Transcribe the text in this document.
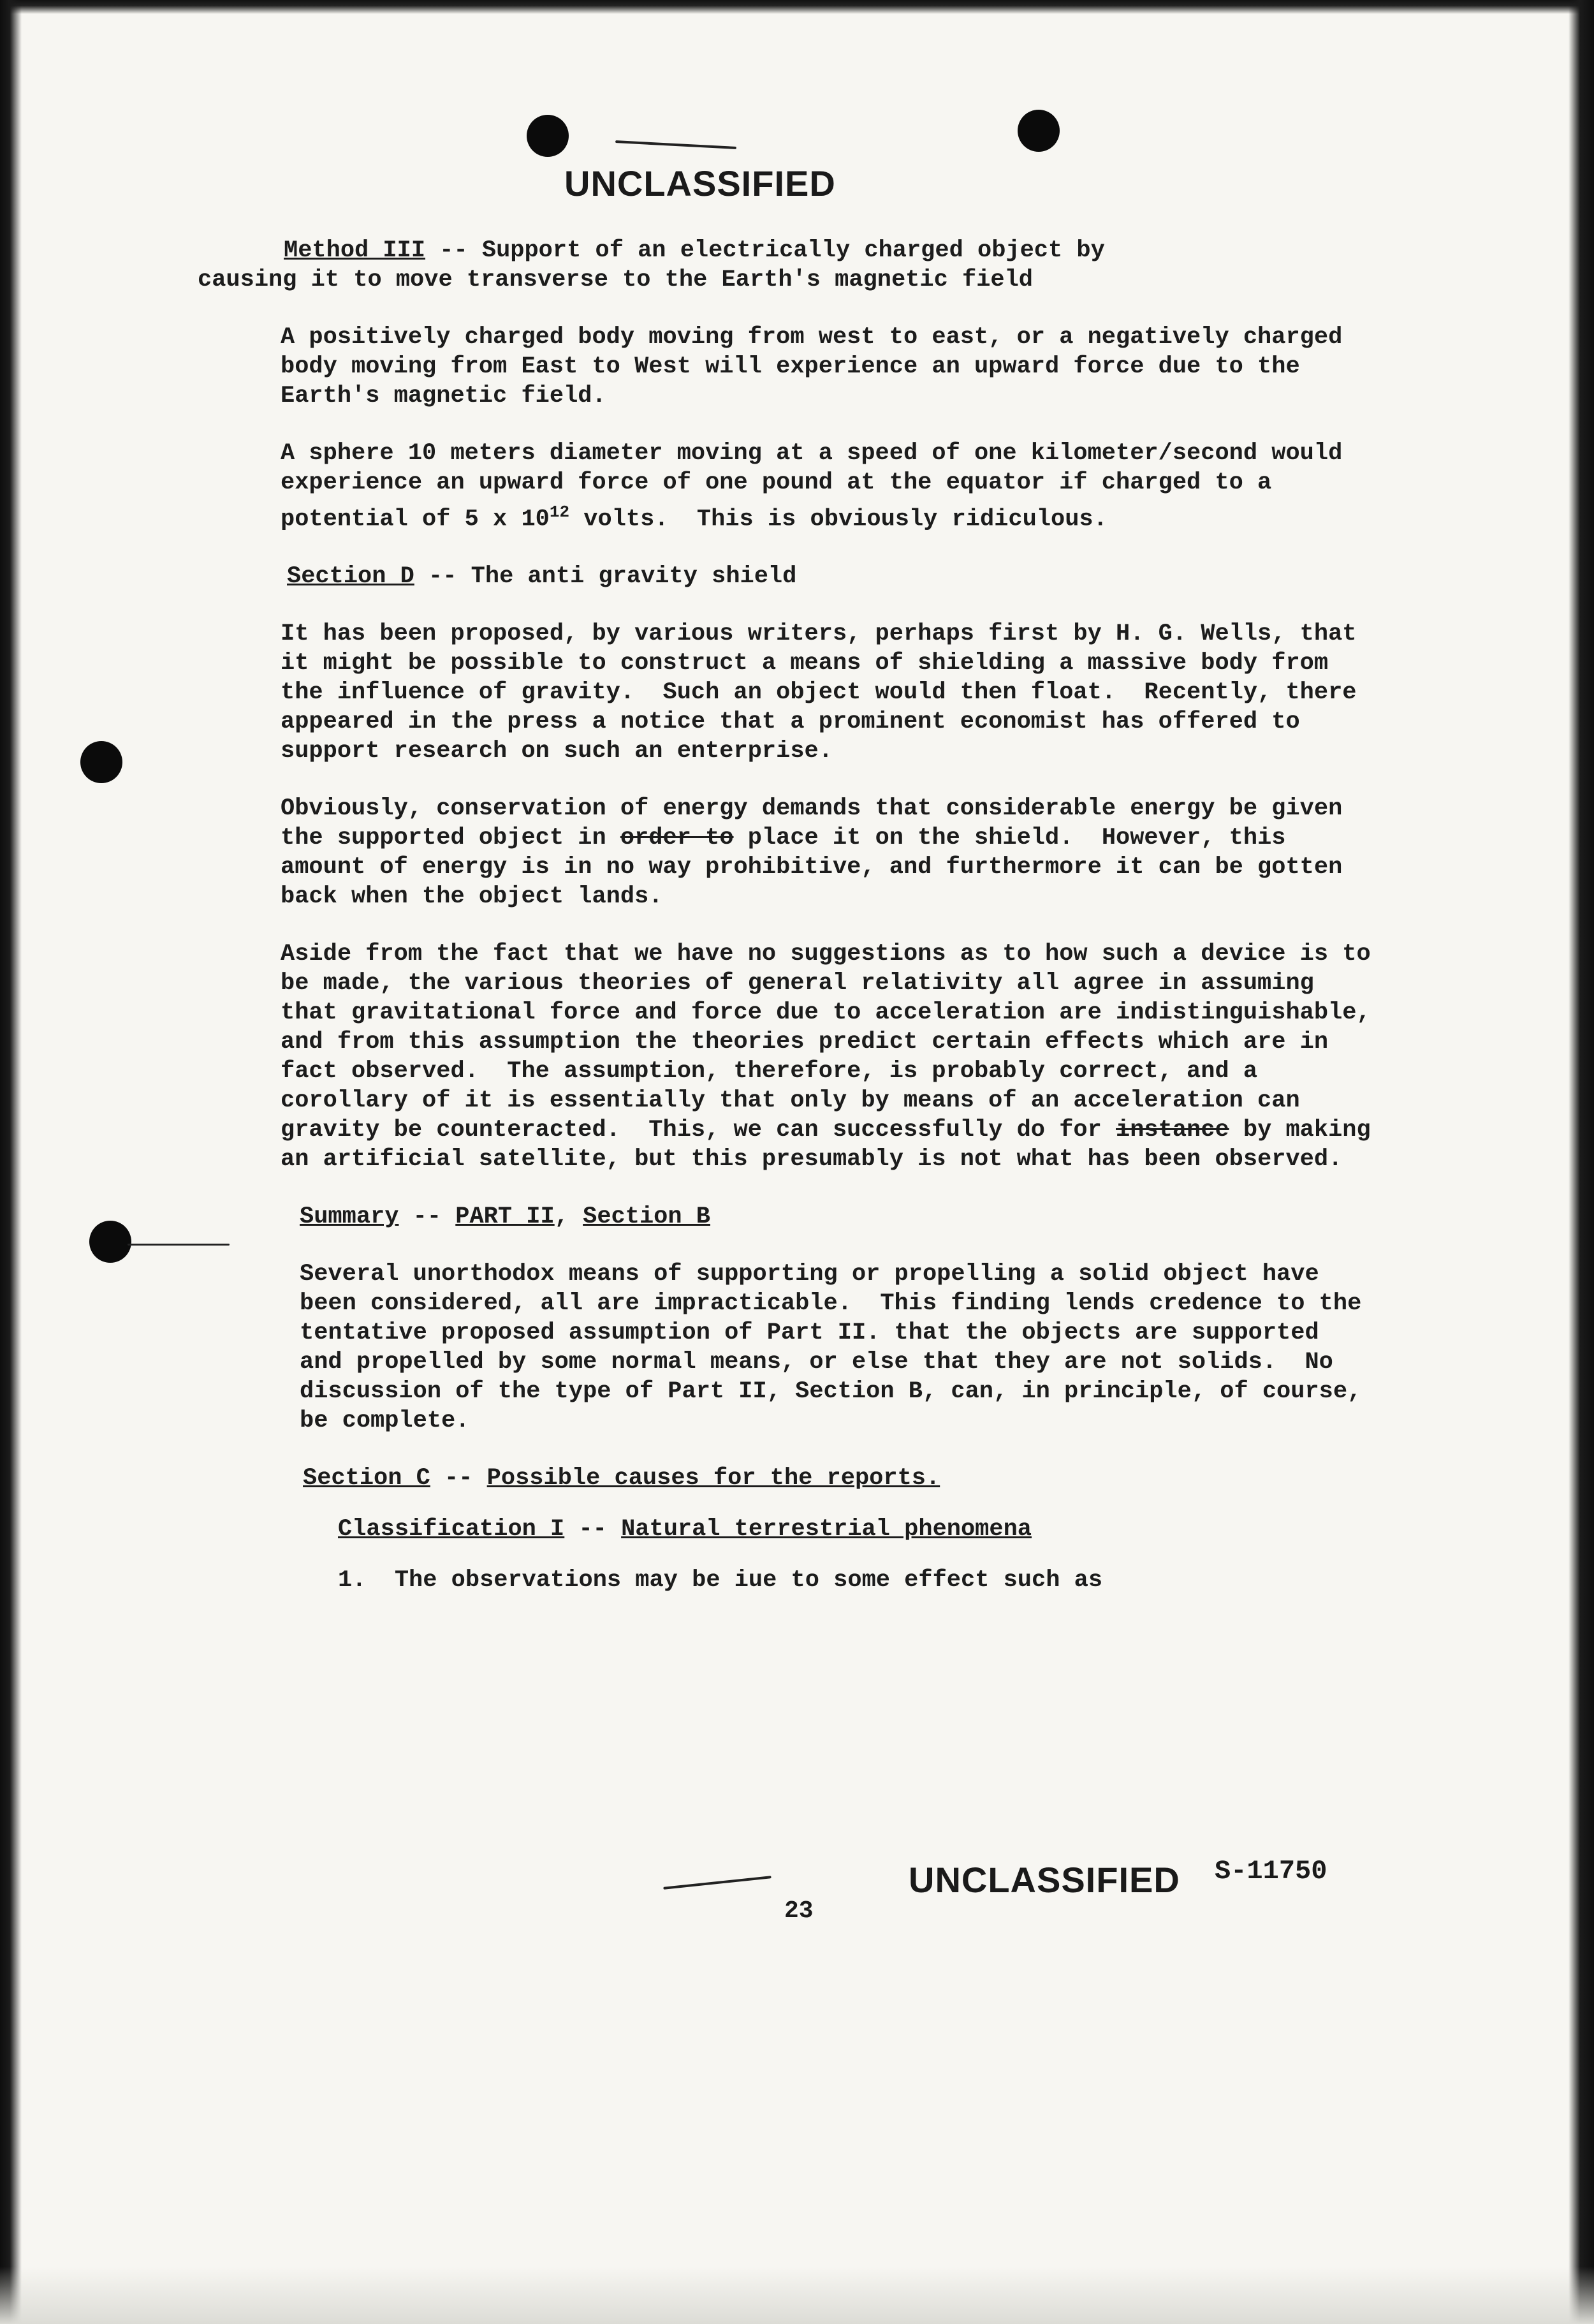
UNCLASSIFIED
Method III -- Support of an electrically charged object by
causing it to move transverse to the Earth's magnetic field
A positively charged body moving from west to east, or a negatively charged body moving from East to West will experience an upward force due to the Earth's magnetic field.
A sphere 10 meters diameter moving at a speed of one kilometer/second would experience an upward force of one pound at the equator if charged to a potential of 5 x $10^{12}$ volts.  This is obviously ridiculous.
Section D -- The anti gravity shield
It has been proposed, by various writers, perhaps first by H. G. Wells, that it might be possible to construct a means of shielding a massive body from the influence of gravity.  Such an object would then float.  Recently, there appeared in the press a notice that a prominent economist has offered to support research on such an enterprise.
Obviously, conservation of energy demands that considerable energy be given the supported object in order to place it on the shield.  However, this amount of energy is in no way prohibitive, and furthermore it can be gotten back when the object lands.
Aside from the fact that we have no suggestions as to how such a device is to be made, the various theories of general relativity all agree in assuming that gravitational force and force due to acceleration are indistinguishable, and from this assumption the theories predict certain effects which are in fact observed.  The assumption, therefore, is probably correct, and a corollary of it is essentially that only by means of an acceleration can gravity be counteracted.  This, we can successfully do for instance by making an artificial satellite, but this presumably is not what has been observed.
Summary -- PART II, Section B
Several unorthodox means of supporting or propelling a solid object have been considered, all are impracticable.  This finding lends credence to the tentative proposed assumption of Part II. that the objects are supported and propelled by some normal means, or else that they are not solids.  No discussion of the type of Part II, Section B, can, in principle, of course, be complete.
Section C -- Possible causes for the reports.
Classification I -- Natural terrestrial phenomena
1. The observations may be iue to some effect such as
UNCLASSIFIED S-11750
23
